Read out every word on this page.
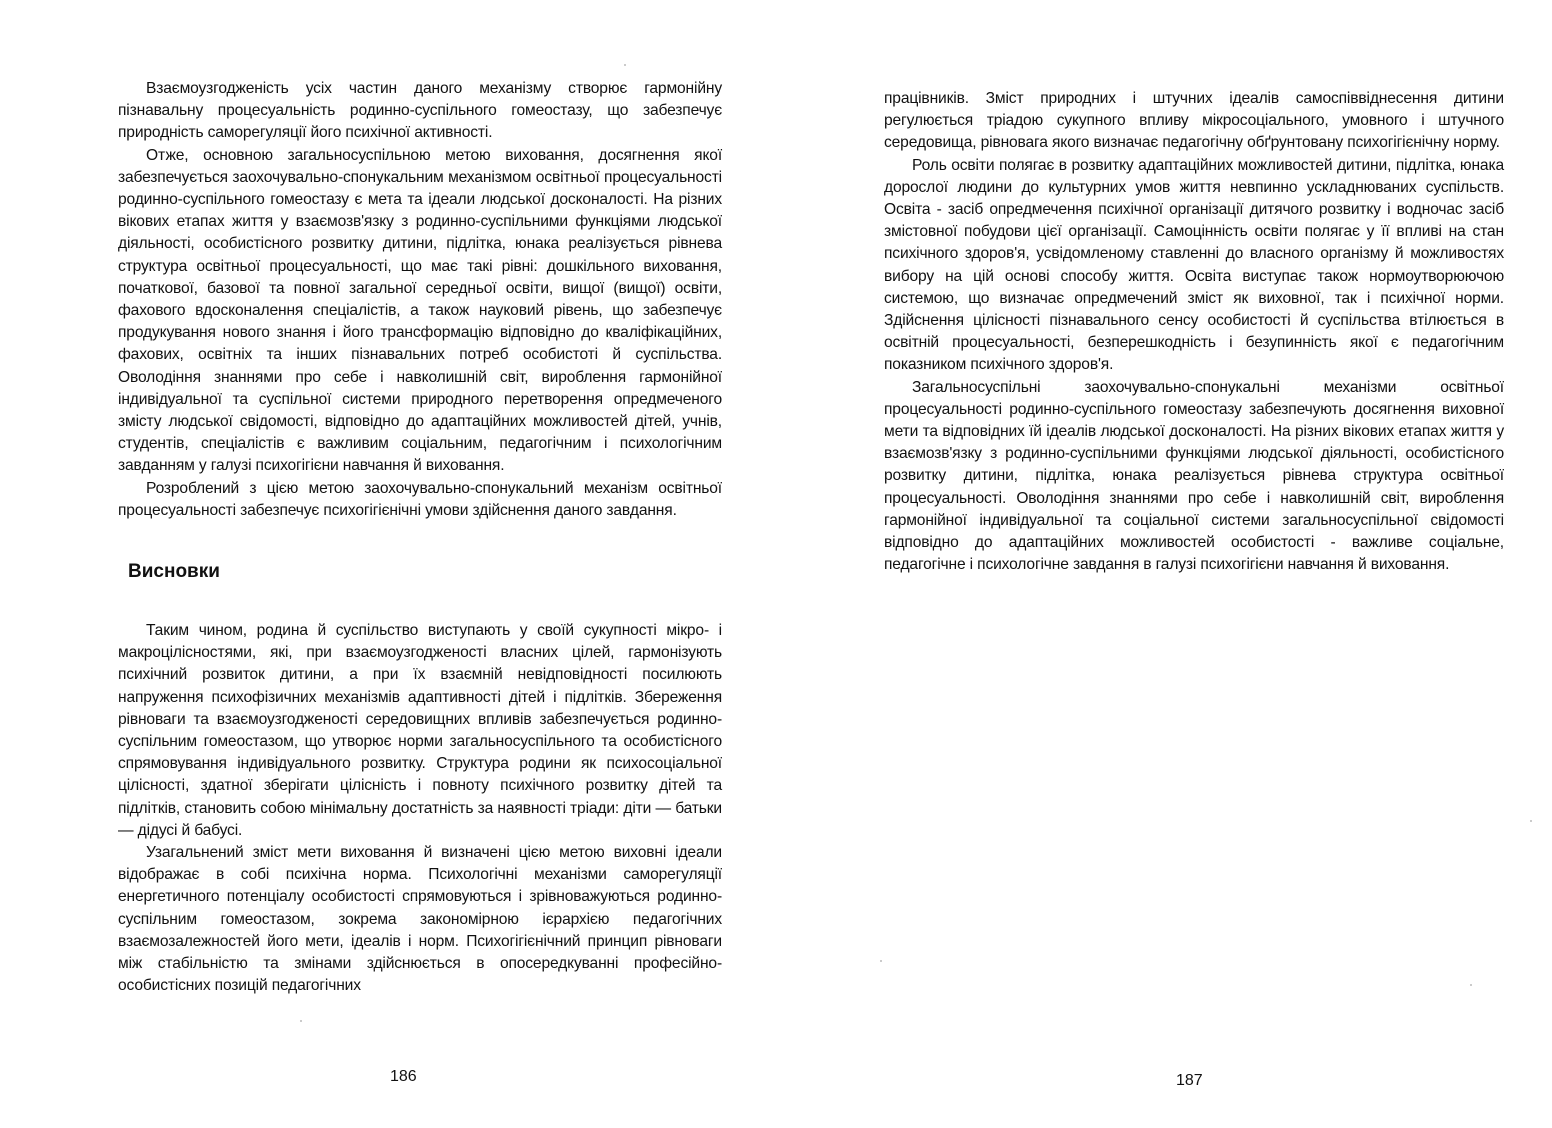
Взаємоузгодженість усіх частин даного механізму створює гармонійну пізнавальну процесуальність родинно-суспільного гомеостазу, що забезпечує природність саморегуляції його психічної активності.

Отже, основною загальносуспільною метою виховання, досягнення якої забезпечується заохочувально-спонукальним механізмом освітньої процесуальності родинно-суспільного гомеостазу є мета та ідеали людської досконалості. На різних вікових етапах життя у взаємозв'язку з родинно-суспільними функціями людської діяльності, особистісного розвитку дитини, підлітка, юнака реалізується рівнева структура освітньої процесуальності, що має такі рівні: дошкільного виховання, початкової, базової та повної загальної середньої освіти, вищої (вищої) освіти, фахового вдосконалення спеціалістів, а також науковий рівень, що забезпечує продукування нового знання і його трансформацію відповідно до кваліфікаційних, фахових, освітніх та інших пізнавальних потреб особистоті й суспільства. Оволодіння знаннями про себе і навколишній світ, вироблення гармонійної індивідуальної та суспільної системи природного перетворення опредмеченого змісту людської свідомості, відповідно до адаптаційних можливостей дітей, учнів, студентів, спеціалістів є важливим соціальним, педагогічним і психологічним завданням у галузі психогігієни навчання й виховання.

Розроблений з цією метою заохочувально-спонукальний механізм освітньої процесуальності забезпечує психогігієнічні умови здійснення даного завдання.

Висновки

Таким чином, родина й суспільство виступають у своїй сукупності мікро- і макроцілісностями, які, при взаємоузгодженості власних цілей, гармонізують психічний розвиток дитини, а при їх взаємній невідповідності посилюють напруження психофізичних механізмів адаптивності дітей і підлітків. Збереження рівноваги та взаємоузгодженості середовищних впливів забезпечується родинно-суспільним гомеостазом, що утворює норми загальносуспільного та особистісного спрямовування індивідуального розвитку. Структура родини як психосоціальної цілісності, здатної зберігати цілісність і повноту психічного розвитку дітей та підлітків, становить собою мінімальну достатність за наявності тріади: діти — батьки — дідусі й бабусі.

Узагальнений зміст мети виховання й визначені цією метою виховні ідеали відображає в собі психічна норма. Психологічні механізми саморегуляції енергетичного потенціалу особистості спрямовуються і зрівноважуються родинно-суспільним гомеостазом, зокрема закономірною ієрархією педагогічних взаємозалежностей його мети, ідеалів і норм. Психогігієнічний принцип рівноваги між стабільністю та змінами здійснюється в опосередкуванні професійно-особистісних позицій педагогічних

186

працівників. Зміст природних і штучних ідеалів самоспіввіднесення дитини регулюється тріадою сукупного впливу мікросоціального, умовного і штучного середовища, рівновага якого визначає педагогічну обґрунтовану психогігієнічну норму.

Роль освіти полягає в розвитку адаптаційних можливостей дитини, підлітка, юнака дорослої людини до культурних умов життя невпинно ускладнюваних суспільств. Освіта - засіб опредмечення психічної організації дитячого розвитку і водночас засіб змістовної побудови цієї організації. Самоцінність освіти полягає у її впливі на стан психічного здоров'я, усвідомленому ставленні до власного організму й можливостях вибору на цій основі способу життя. Освіта виступає також нормоутворюючою системою, що визначає опредмечений зміст як виховної, так і психічної норми. Здійснення цілісності пізнавального сенсу особистості й суспільства втілюється в освітній процесуальності, безперешкодність і безупинність якої є педагогічним показником психічного здоров'я.

Загальносуспільні заохочувально-спонукальні механізми освітньої процесуальності родинно-суспільного гомеостазу забезпечують досягнення виховної мети та відповідних їй ідеалів людської досконалості. На різних вікових етапах життя у взаємозв'язку з родинно-суспільними функціями людської діяльності, особистісного розвитку дитини, підлітка, юнака реалізується рівнева структура освітньої процесуальності. Оволодіння знаннями про себе і навколишній світ, вироблення гармонійної індивідуальної та соціальної системи загальносуспільної свідомості відповідно до адаптаційних можливостей особистості - важливе соціальне, педагогічне і психологічне завдання в галузі психогігієни навчання й виховання.

187
